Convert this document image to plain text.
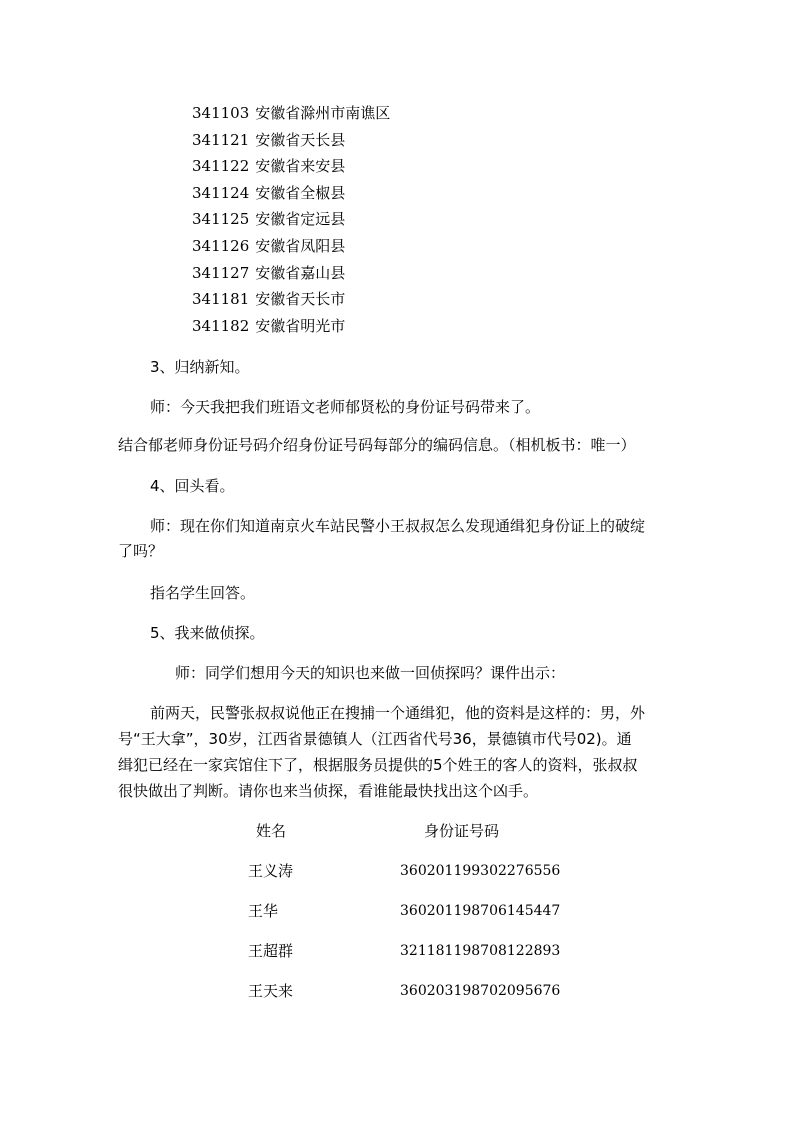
341103 安徽省滁州市南谯区
341121 安徽省天长县
341122 安徽省来安县
341124 安徽省全椒县
341125 安徽省定远县
341126 安徽省凤阳县
341127 安徽省嘉山县
341181 安徽省天长市
341182 安徽省明光市
3、归纳新知。
师：今天我把我们班语文老师郁贤松的身份证号码带来了。
结合郁老师身份证号码介绍身份证号码每部分的编码信息。（相机板书：唯一）
4、回头看。
师：现在你们知道南京火车站民警小王叔叔怎么发现通缉犯身份证上的破绽
了吗？
指名学生回答。
5、我来做侦探。
师：同学们想用今天的知识也来做一回侦探吗？课件出示：
前两天，民警张叔叔说他正在搜捕一个通缉犯，他的资料是这样的：男，外
号“王大拿”，30岁，江西省景德镇人（江西省代号36，景德镇市代号02)。通
缉犯已经在一家宾馆住下了，根据服务员提供的5个姓王的客人的资料，张叔叔
很快做出了判断。请你也来当侦探，看谁能最快找出这个凶手。
姓名	身份证号码
王义涛	360201199302276556
王华	360201198706145447
王超群	321181198708122893
王天来	360203198702095676
